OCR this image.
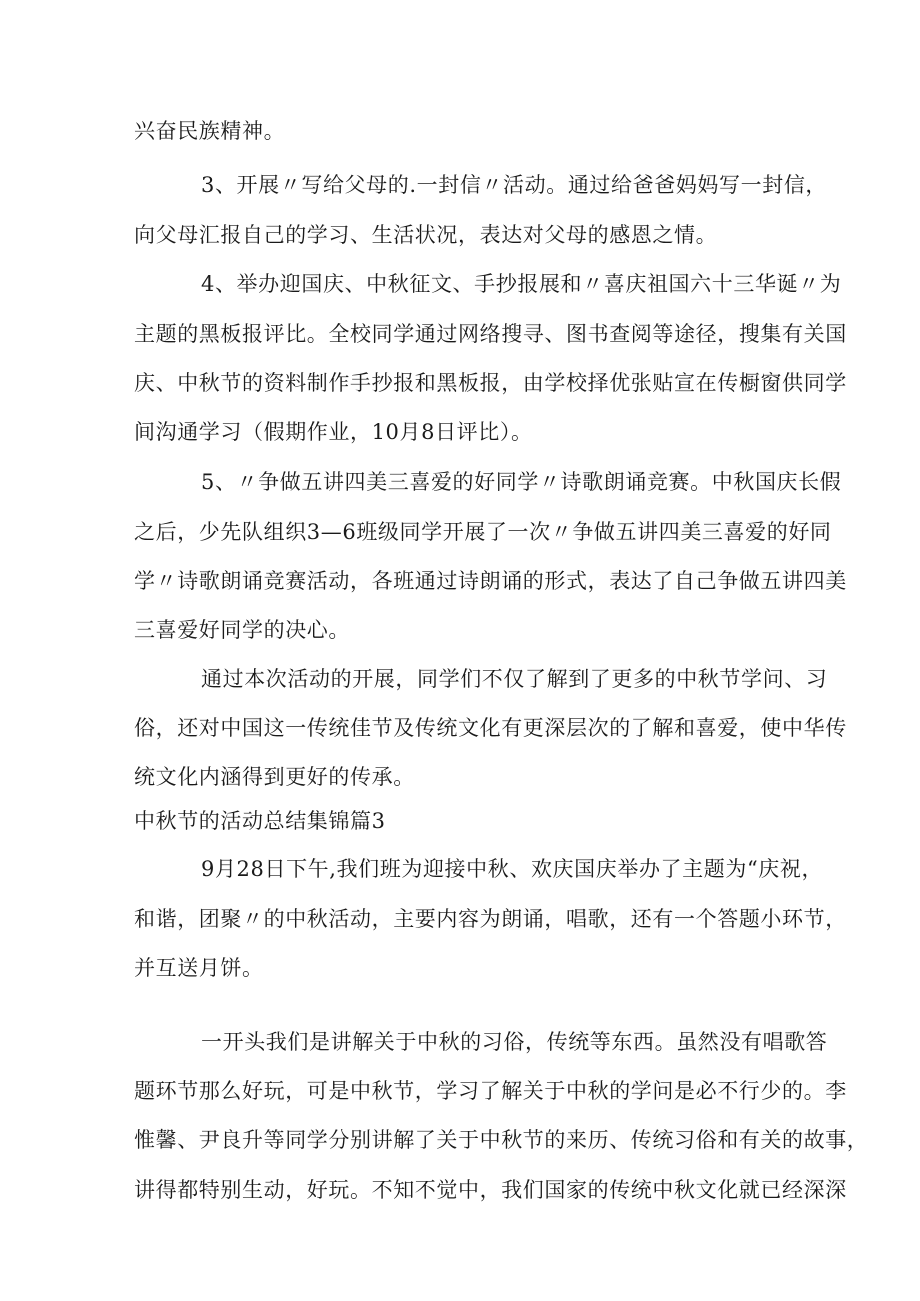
兴奋民族精神。

3、开展〃写给父母的.一封信〃活动。通过给爸爸妈妈写一封信，

向父母汇报自己的学习、生活状况，表达对父母的感恩之情。

4、举办迎国庆、中秋征文、手抄报展和〃喜庆祖国六十三华诞〃为

主题的黑板报评比。全校同学通过网络搜寻、图书查阅等途径，搜集有关国

庆、中秋节的资料制作手抄报和黑板报，由学校择优张贴宣在传橱窗供同学

间沟通学习（假期作业，10月8日评比）。

5、〃争做五讲四美三喜爱的好同学〃诗歌朗诵竞赛。中秋国庆长假

之后，少先队组织3—6班级同学开展了一次〃争做五讲四美三喜爱的好同

学〃诗歌朗诵竞赛活动，各班通过诗朗诵的形式，表达了自己争做五讲四美

三喜爱好同学的决心。

通过本次活动的开展，同学们不仅了解到了更多的中秋节学问、习

俗，还对中国这一传统佳节及传统文化有更深层次的了解和喜爱，使中华传

统文化内涵得到更好的传承。

中秋节的活动总结集锦篇3

9月28日下午,我们班为迎接中秋、欢庆国庆举办了主题为“庆祝，

和谐，团聚〃的中秋活动，主要内容为朗诵，唱歌，还有一个答题小环节，

并互送月饼。

一开头我们是讲解关于中秋的习俗，传统等东西。虽然没有唱歌答

题环节那么好玩，可是中秋节，学习了解关于中秋的学问是必不行少的。李

惟馨、尹良升等同学分别讲解了关于中秋节的来历、传统习俗和有关的故事，

讲得都特别生动，好玩。不知不觉中，我们国家的传统中秋文化就已经深深
